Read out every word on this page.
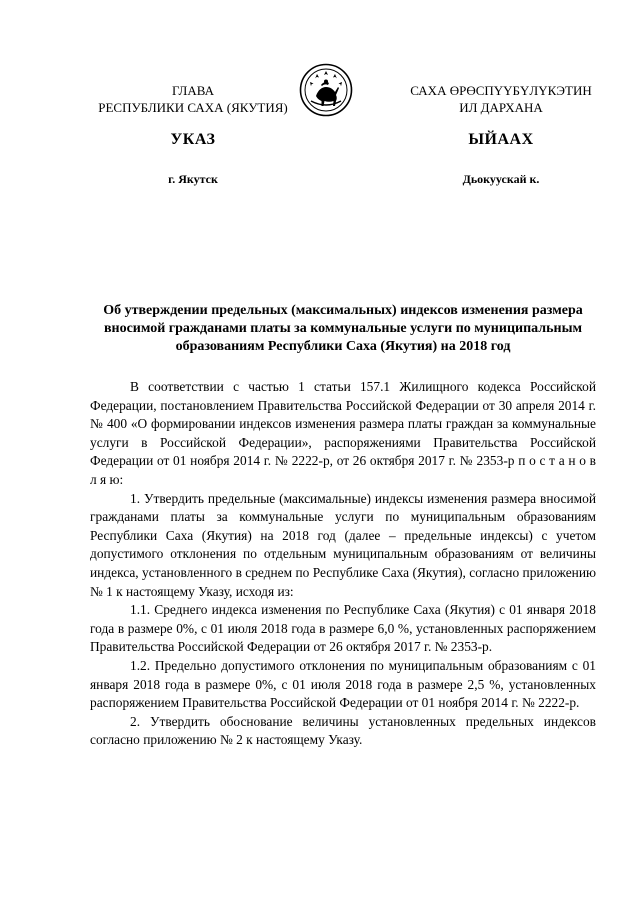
ГЛАВА
РЕСПУБЛИКИ САХА (ЯКУТИЯ)
САХА ӨРӨСПҮҮБҮЛҮКЭТИН
ИЛ ДАРХАНА
УКАЗ	ЫЙААХ
г. Якутск	Дьокуускай к.
Об утверждении предельных (максимальных) индексов изменения размера вносимой гражданами платы за коммунальные услуги по муниципальным образованиям Республики Саха (Якутия) на 2018 год

В соответствии с частью 1 статьи 157.1 Жилищного кодекса Российской Федерации, постановлением Правительства Российской Федерации от 30 апреля 2014 г. № 400 «О формировании индексов изменения размера платы граждан за коммунальные услуги в Российской Федерации», распоряжениями Правительства Российской Федерации от 01 ноября 2014 г. № 2222-р, от 26 октября 2017 г. № 2353-р п о с т а н о в л я ю:

1. Утвердить предельные (максимальные) индексы изменения размера вносимой гражданами платы за коммунальные услуги по муниципальным образованиям Республики Саха (Якутия) на 2018 год (далее – предельные индексы) с учетом допустимого отклонения по отдельным муниципальным образованиям от величины индекса, установленного в среднем по Республике Саха (Якутия), согласно приложению № 1 к настоящему Указу, исходя из:

1.1. Среднего индекса изменения по Республике Саха (Якутия) с 01 января 2018 года в размере 0%, с 01 июля 2018 года в размере 6,0 %, установленных распоряжением Правительства Российской Федерации от 26 октября 2017 г. № 2353-р.

1.2. Предельно допустимого отклонения по муниципальным образованиям с 01 января 2018 года в размере 0%, с 01 июля 2018 года в размере 2,5 %, установленных распоряжением Правительства Российской Федерации от 01 ноября 2014 г. № 2222-р.

2. Утвердить обоснование величины установленных предельных индексов согласно приложению № 2 к настоящему Указу.
